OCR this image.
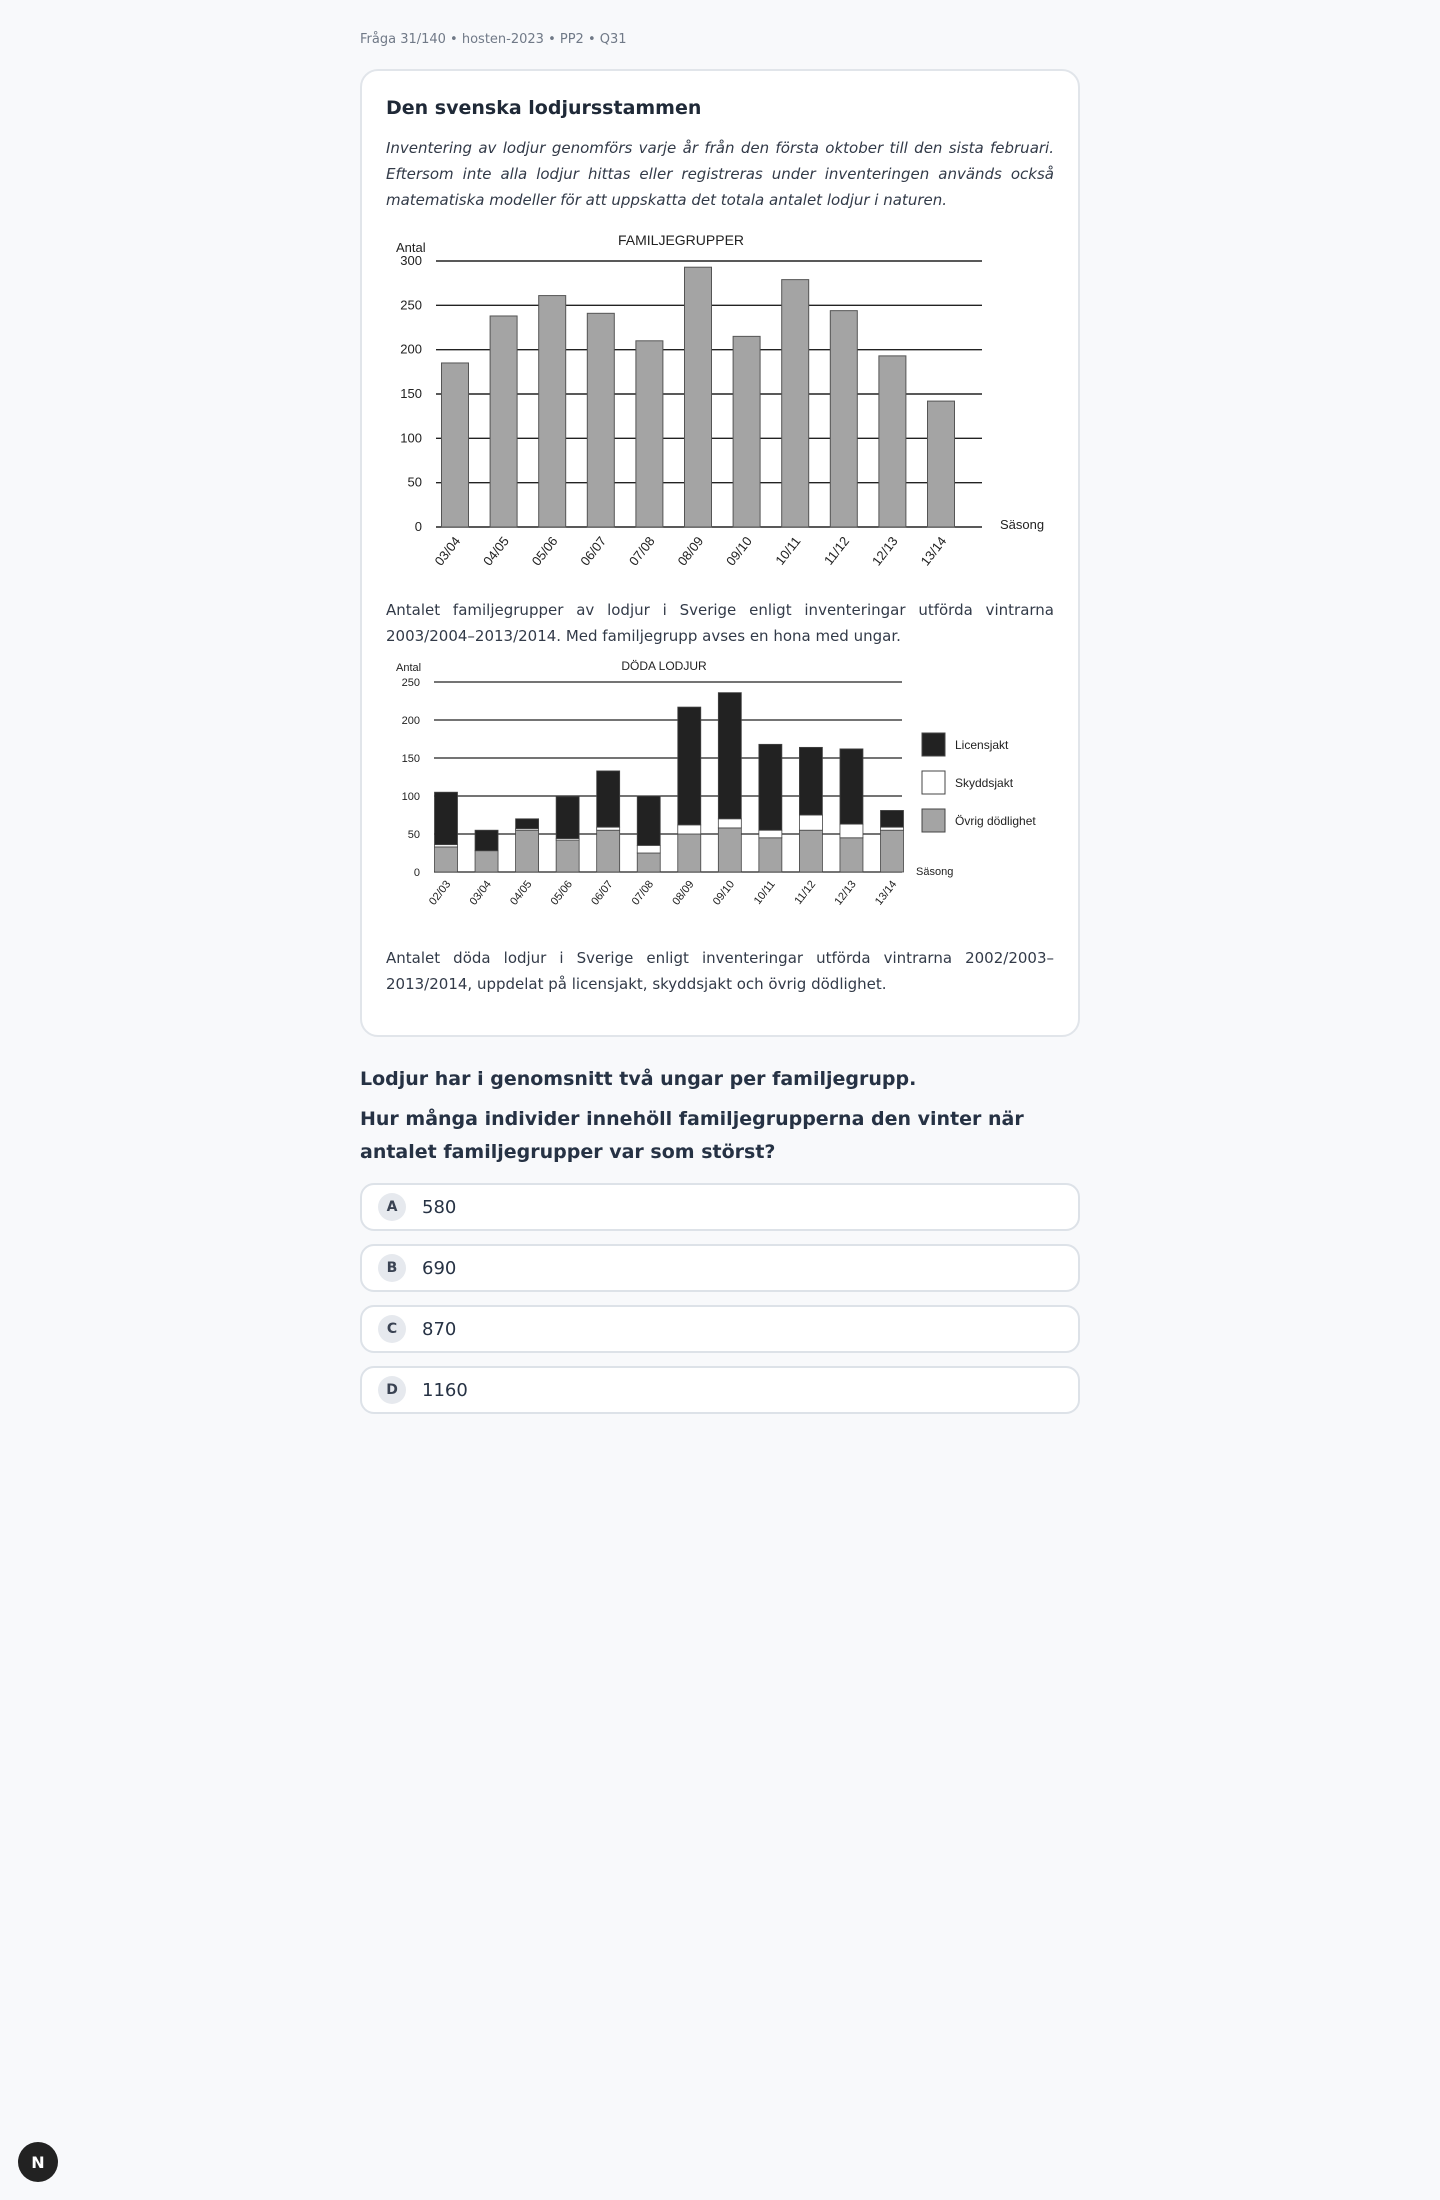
Fråga 31/140 • hosten-2023 • PP2 • Q31
Den svenska lodjursstammen

Inventering av lodjur genomförs varje år från den första oktober till den sista februari. Eftersom inte alla lodjur hittas eller registreras under inventeringen används också matematiska modeller för att uppskatta det totala antalet lodjur i naturen.

FAMILJEGRUPPER
Antal
0
50
100
150
200
250
300
Säsong
03/04 04/05 05/06 06/07 07/08 08/09 09/10 10/11 11/12 12/13 13/14

Antalet familjegrupper av lodjur i Sverige enligt inventeringar utförda vintrarna 2003/2004–2013/2014. Med familjegrupp avses en hona med ungar.

DÖDA LODJUR
Antal
0
50
100
150
200
250
Säsong
02/03 03/04 04/05 05/06 06/07 07/08 08/09 09/10 10/11 11/12 12/13 13/14
Licensjakt
Skyddsjakt
Övrig dödlighet

Antalet döda lodjur i Sverige enligt inventeringar utförda vintrarna 2002/2003–2013/2014, uppdelat på licensjakt, skyddsjakt och övrig dödlighet.

Lodjur har i genomsnitt två ungar per familjegrupp.

Hur många individer innehöll familjegrupperna den vinter när antalet familjegrupper var som störst?

A	580
B	690
C	870
D	1160
N
